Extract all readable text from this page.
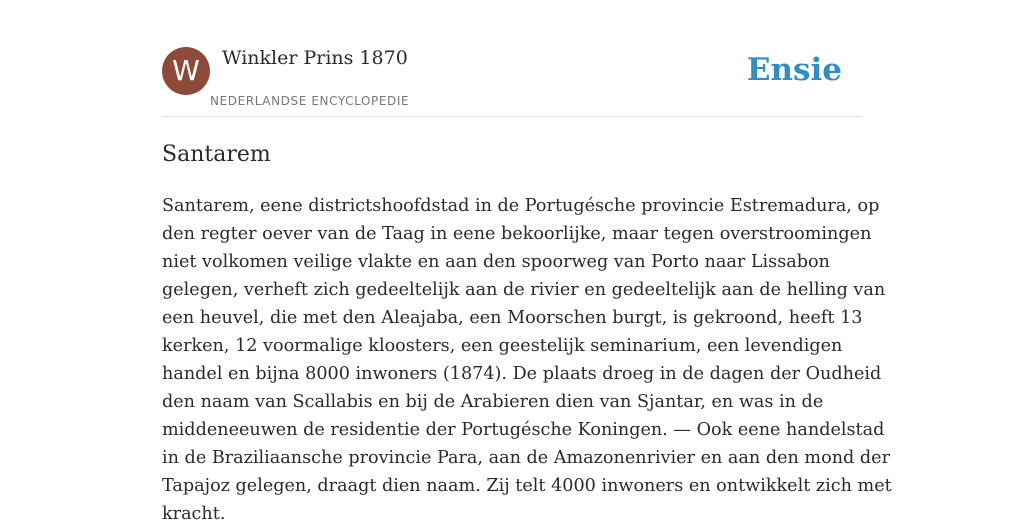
W	Winkler Prins 1870
NEDERLANDSE ENCYCLOPEDIE
Ensie
Santarem

Santarem, eene districtshoofdstad in de Portugésche provincie Estremadura, op
den regter oever van de Taag in eene bekoorlijke, maar tegen overstroomingen
niet volkomen veilige vlakte en aan den spoorweg van Porto naar Lissabon
gelegen, verheft zich gedeeltelijk aan de rivier en gedeeltelijk aan de helling van
een heuvel, die met den Aleajaba, een Moorschen burgt, is gekroond, heeft 13
kerken, 12 voormalige kloosters, een geestelijk seminarium, een levendigen
handel en bijna 8000 inwoners (1874). De plaats droeg in de dagen der Oudheid
den naam van Scallabis en bij de Arabieren dien van Sjantar, en was in de
middeneeuwen de residentie der Portugésche Koningen. — Ook eene handelstad
in de Braziliaansche provincie Para, aan de Amazonenrivier en aan den mond der
Tapajoz gelegen, draagt dien naam. Zij telt 4000 inwoners en ontwikkelt zich met
kracht.
